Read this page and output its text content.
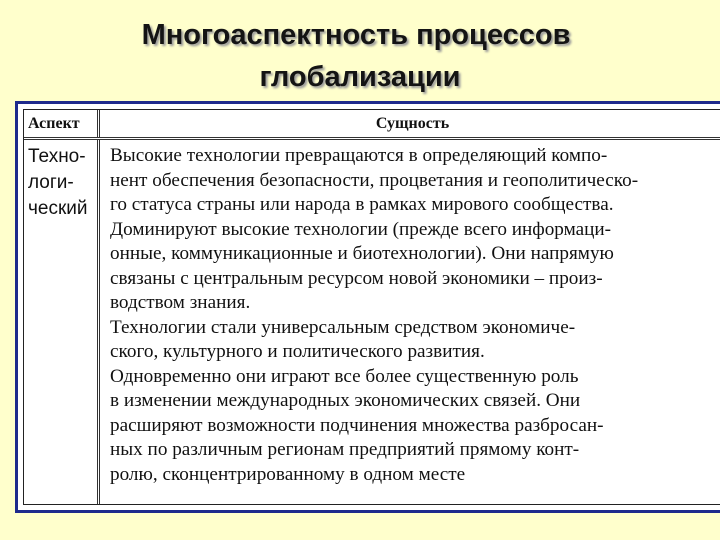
Многоаспектность процессов
глобализации
Аспект	Сущность
Техно-
логи-
ческий
Высокие технологии превращаются в определяющий компо-
нент обеспечения безопасности, процветания и геополитическо-
го статуса страны или народа в рамках мирового сообщества.
Доминируют высокие технологии (прежде всего информаци-
онные, коммуникационные и биотехнологии). Они напрямую
связаны с центральным ресурсом новой экономики – произ-
водством знания.
Технологии стали универсальным средством экономиче-
ского, культурного и политического развития.
Одновременно они играют все более существенную роль
в изменении международных экономических связей. Они
расширяют возможности подчинения множества разбросан-
ных по различным регионам предприятий прямому конт-
ролю, сконцентрированному в одном месте
